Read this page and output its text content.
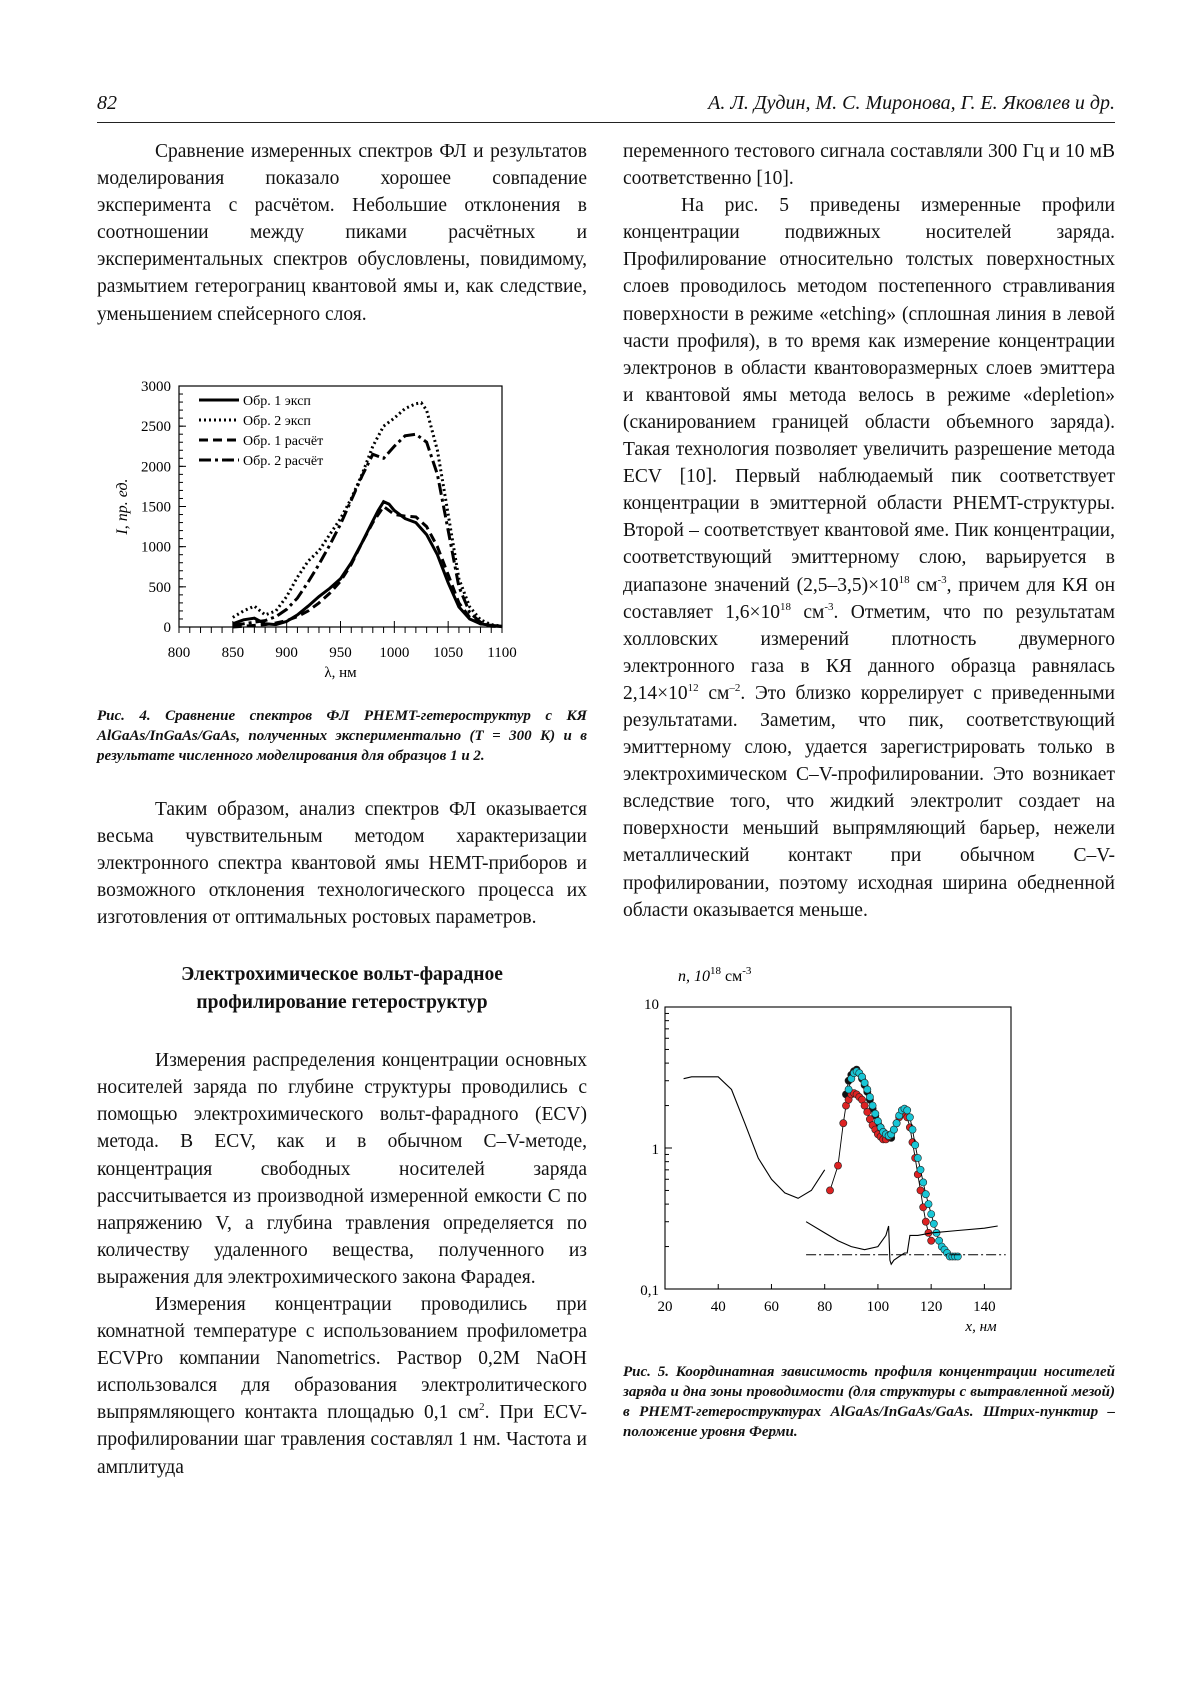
82	А. Л. Дудин, М. С. Миронова, Г. Е. Яковлев и др.

Сравнение измеренных спектров ФЛ и результатов моделирования показало хорошее совпадение эксперимента с расчётом. Небольшие отклонения в соотношении между пиками расчётных и экспериментальных спектров обусловлены, повидимому, размытием гетерограниц квантовой ямы и, как следствие, уменьшением спейсерного слоя.

800 850 900 950 1000 1050 1100
0
500
1000
1500
2000
2500
3000
λ, нм
I, пр. ед.
Обр. 1 эксп
Обр. 2 эксп
Обр. 1 расчёт
Обр. 2 расчёт

Рис. 4. Сравнение спектров ФЛ PHEMT-гетероструктур с КЯ AlGaAs/InGaAs/GaAs, полученных экспериментально (T = 300 K) и в результате численного моделирования для образцов 1 и 2.

Таким образом, анализ спектров ФЛ оказывается весьма чувствительным методом характеризации электронного спектра квантовой ямы HEMT-приборов и возможного отклонения технологического процесса их изготовления от оптимальных ростовых параметров.

Электрохимическое вольт-фарадное
профилирование гетероструктур

Измерения распределения концентрации основных носителей заряда по глубине структуры проводились с помощью электрохимического вольт-фарадного (ECV) метода. В ECV, как и в обычном C–V-методе, концентрация свободных носителей заряда рассчитывается из производной измеренной емкости C по напряжению V, а глубина травления определяется по количеству удаленного вещества, полученного из выражения для электрохимического закона Фарадея.

Измерения концентрации проводились при комнатной температуре с использованием профилометра ECVPro компании Nanometrics. Раствор 0,2M NaOH использовался для образования электролитического выпрямляющего контакта площадью 0,1 $см^2$. При ECV-профилировании шаг травления составлял 1 нм. Частота и амплитуда

переменного тестового сигнала составляли 300 Гц и 10 мВ соответственно [10].

На рис. 5 приведены измеренные профили концентрации подвижных носителей заряда. Профилирование относительно толстых поверхностных слоев проводилось методом постепенного стравливания поверхности в режиме «etching» (сплошная линия в левой части профиля), в то время как измерение концентрации электронов в области квантоворазмерных слоев эмиттера и квантовой ямы метода велось в режиме «depletion» (сканированием границей области объемного заряда). Такая технология позволяет увеличить разрешение метода ECV [10]. Первый наблюдаемый пик соответствует концентрации в эмиттерной области PHEMT-структуры. Второй – соответствует квантовой яме. Пик концентрации, соответствующий эмиттерному слою, варьируется в диапазоне значений $(2,5-3,5)\times 10^{18}$ $см^{-3}$, причем для КЯ он составляет $1,6\times 10^{18}$ $см^{-3}$. Отметим, что по результатам холловских измерений плотность двумерного электронного газа в КЯ данного образца равнялась $2,14\times 10^{12}$ $см^{-2}$. Это близко коррелирует с приведенными результатами. Заметим, что пик, соответствующий эмиттерному слою, удается зарегистрировать только в электрохимическом C–V-профилировании. Это возникает вследствие того, что жидкий электролит создает на поверхности меньший выпрямляющий барьер, нежели металлический контакт при обычном C–V-профилировании, поэтому исходная ширина обедненной области оказывается меньше.

n, $10^{18}$ $см^{-3}$
20	40	60	80 100 120 140
10
1
0,1
x, нм

Рис. 5. Координатная зависимость профиля концентрации носителей заряда и дна зоны проводимости (для структуры с вытравленной мезой) в PHEMT-гетероструктурах AlGaAs/InGaAs/GaAs. Штрих-пунктир – положение уровня Ферми.
